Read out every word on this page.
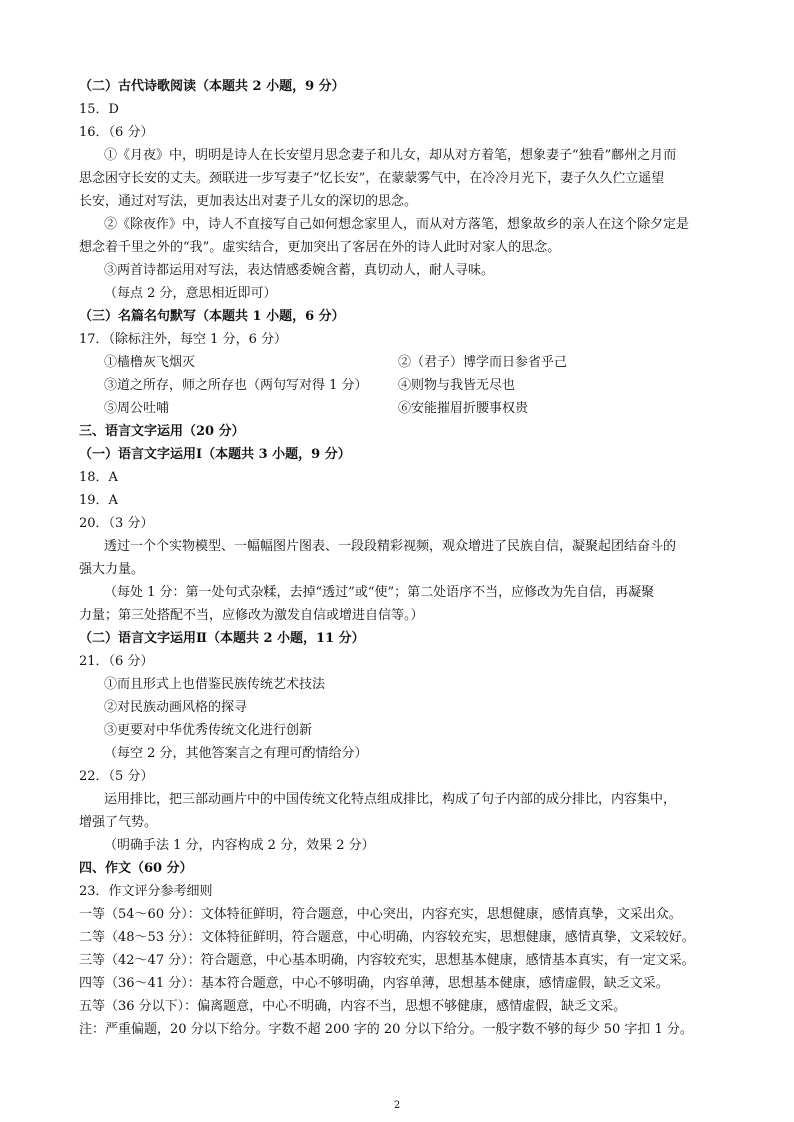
（二）古代诗歌阅读（本题共 2 小题，9 分）
15．D
16．（6 分）
①《月夜》中，明明是诗人在长安望月思念妻子和儿女，却从对方着笔，想象妻子“独看”鄜州之月而
思念困守长安的丈夫。颈联进一步写妻子“忆长安”，在蒙蒙雾气中，在冷冷月光下，妻子久久伫立遥望
长安，通过对写法，更加表达出对妻子儿女的深切的思念。
②《除夜作》中，诗人不直接写自己如何想念家里人，而从对方落笔，想象故乡的亲人在这个除夕定是
想念着千里之外的“我”。虚实结合，更加突出了客居在外的诗人此时对家人的思念。
③两首诗都运用对写法，表达情感委婉含蓄，真切动人，耐人寻味。
（每点 2 分，意思相近即可）
（三）名篇名句默写（本题共 1 小题，6 分）
17．（除标注外，每空 1 分，6 分）
①樯橹灰飞烟灭	②（君子）博学而日参省乎己
③道之所存，师之所存也（两句写对得 1 分） ④则物与我皆无尽也
⑤周公吐哺	⑥安能摧眉折腰事权贵
三、语言文字运用（20 分）
（一）语言文字运用Ⅰ（本题共 3 小题，9 分）
18．A
19．A
20．（3 分）
透过一个个实物模型、一幅幅图片图表、一段段精彩视频，观众增进了民族自信，凝聚起团结奋斗的
强大力量。
（每处 1 分：第一处句式杂糅，去掉“透过”或“使”；第二处语序不当，应修改为先自信，再凝聚
力量；第三处搭配不当，应修改为激发自信或增进自信等。）
（二）语言文字运用Ⅱ（本题共 2 小题，11 分）
21．（6 分）
①而且形式上也借鉴民族传统艺术技法
②对民族动画风格的探寻
③更要对中华优秀传统文化进行创新
（每空 2 分，其他答案言之有理可酌情给分）
22．（5 分）
运用排比，把三部动画片中的中国传统文化特点组成排比，构成了句子内部的成分排比，内容集中，
增强了气势。
（明确手法 1 分，内容构成 2 分，效果 2 分）
四、作文（60 分）
23．作文评分参考细则
一等（54～60 分）：文体特征鲜明，符合题意，中心突出，内容充实，思想健康，感情真挚，文采出众。
二等（48～53 分）：文体特征鲜明，符合题意，中心明确，内容较充实，思想健康，感情真挚，文采较好。
三等（42～47 分）：符合题意，中心基本明确，内容较充实，思想基本健康，感情基本真实，有一定文采。
四等（36～41 分）：基本符合题意，中心不够明确，内容单薄，思想基本健康，感情虚假，缺乏文采。
五等（36 分以下）：偏离题意，中心不明确，内容不当，思想不够健康，感情虚假，缺乏文采。
注：严重偏题，20 分以下给分。字数不超 200 字的 20 分以下给分。一般字数不够的每少 50 字扣 1 分。
2
